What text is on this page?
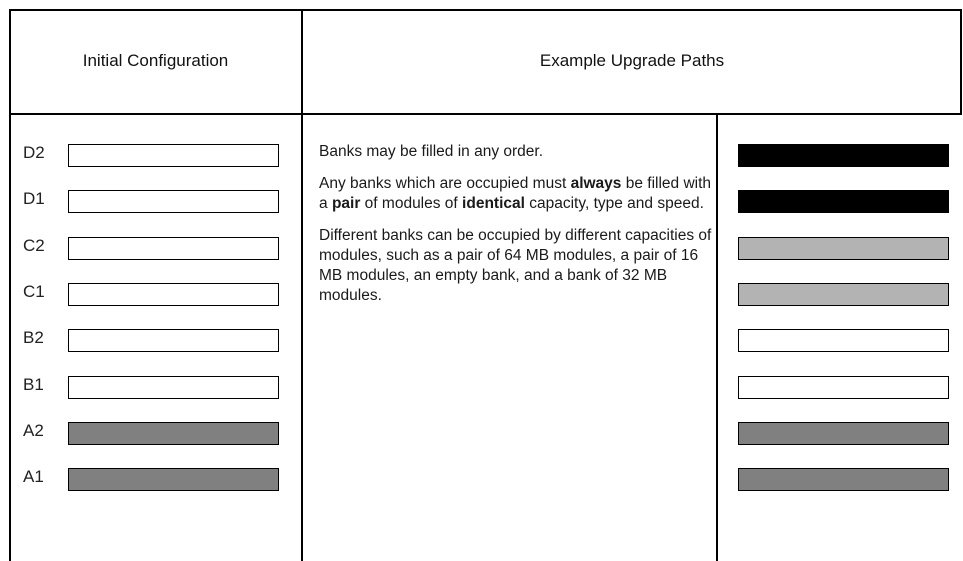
Initial Configuration	Example Upgrade Paths
D2
D1
C2
C1
B2
B1
A2
A1

Banks may be filled in any order.

Any banks which are occupied must always be filled with a pair of modules of identical capacity, type and speed.

Different banks can be occupied by different capacities of modules, such as a pair of 64 MB modules, a pair of 16 MB modules, an empty bank, and a bank of 32 MB modules.
